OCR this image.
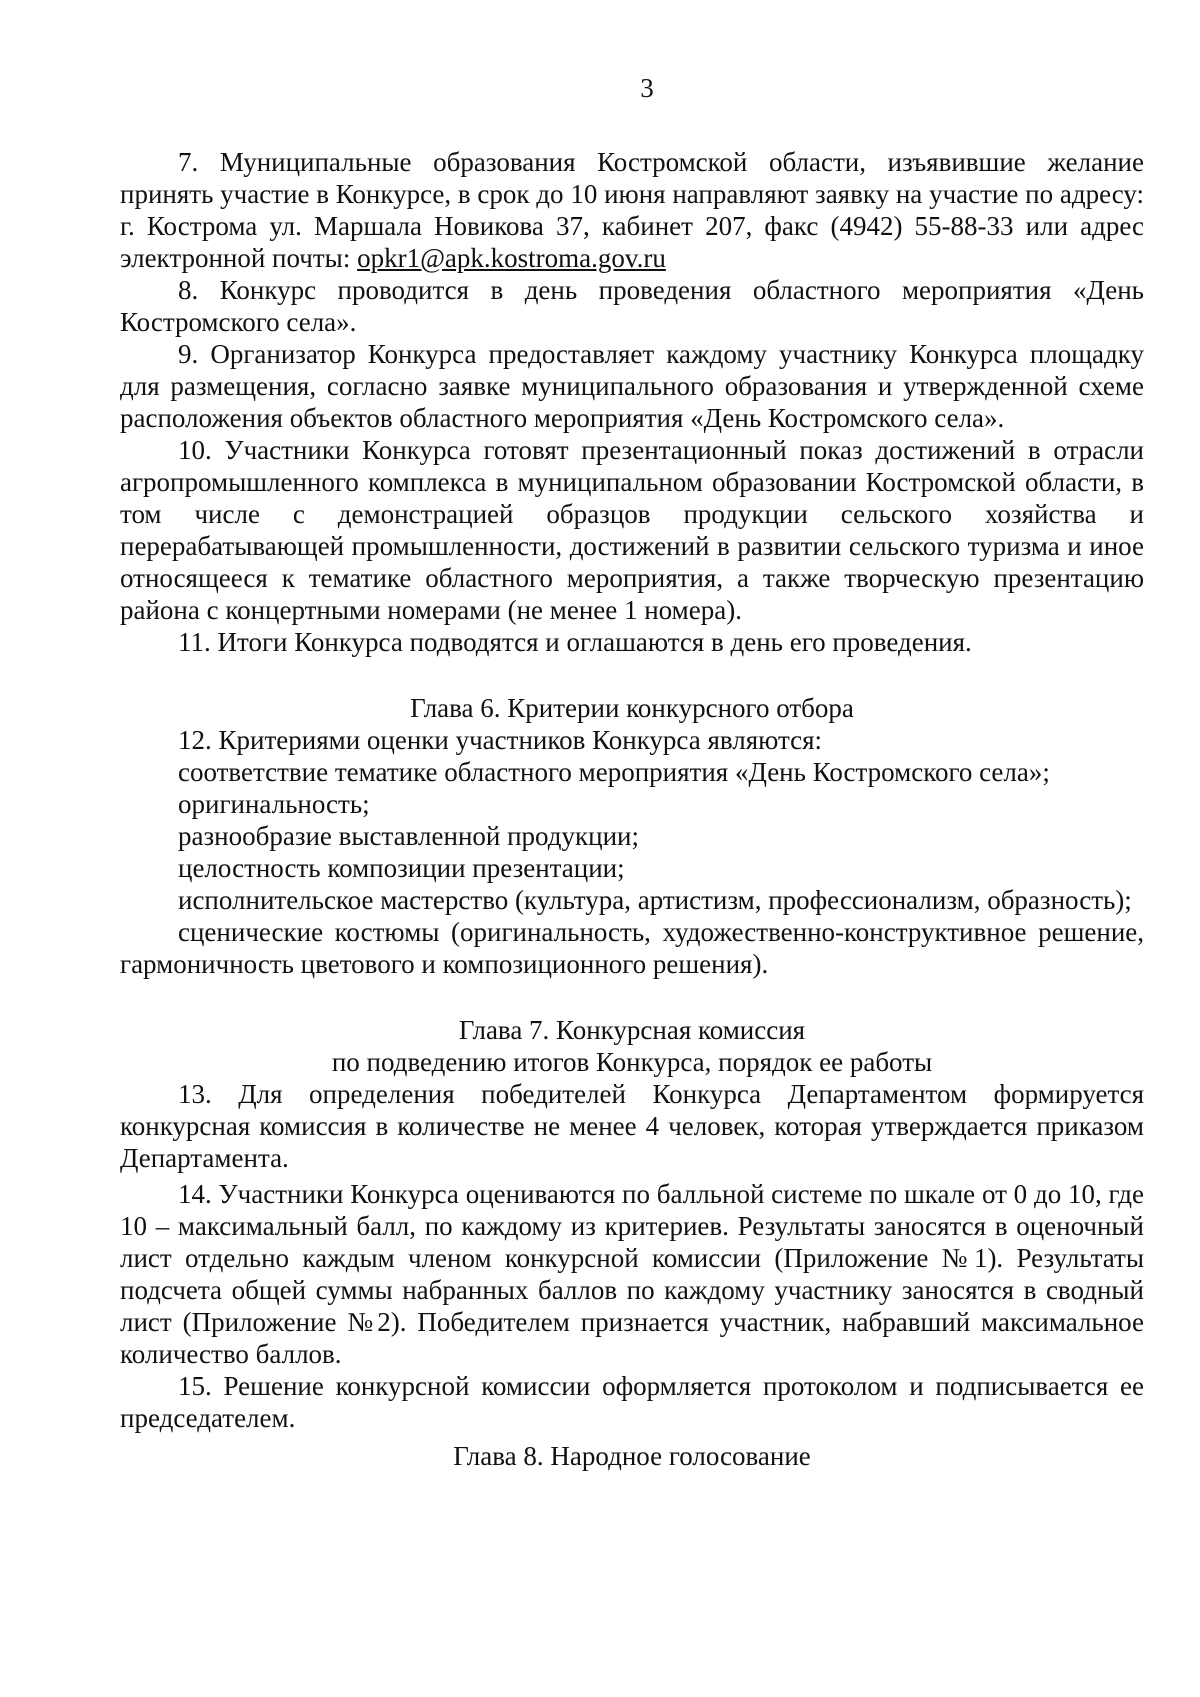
3

7. Муниципальные образования Костромской области, изъявившие желание принять участие в Конкурсе, в срок до 10 июня направляют заявку на участие по адресу: г. Кострома ул. Маршала Новикова 37, кабинет 207, факс (4942) 55-88-33 или адрес электронной почты: opkr1@apk.kostroma.gov.ru

8. Конкурс проводится в день проведения областного мероприятия «День Костромского села».

9. Организатор Конкурса предоставляет каждому участнику Конкурса площадку для размещения, согласно заявке муниципального образования и утвержденной схеме расположения объектов областного мероприятия «День Костромского села».

10. Участники Конкурса готовят презентационный показ достижений в отрасли агропромышленного комплекса в муниципальном образовании Костромской области, в том числе с демонстрацией образцов продукции сельского хозяйства и перерабатывающей промышленности, достижений в развитии сельского туризма и иное относящееся к тематике областного мероприятия, а также творческую презентацию района с концертными номерами (не менее 1 номера).

11. Итоги Конкурса подводятся и оглашаются в день его проведения.

Глава 6. Критерии конкурсного отбора

12. Критериями оценки участников Конкурса являются:

соответствие тематике областного мероприятия «День Костромского села»;

оригинальность;

разнообразие выставленной продукции;

целостность композиции презентации;

исполнительское мастерство (культура, артистизм, профессионализм, образность);

сценические костюмы (оригинальность, художественно-конструктивное решение, гармоничность цветового и композиционного решения).

Глава 7. Конкурсная комиссия

по подведению итогов Конкурса, порядок ее работы

13. Для определения победителей Конкурса Департаментом формируется конкурсная комиссия в количестве не менее 4 человек, которая утверждается приказом Департамента.

14. Участники Конкурса оцениваются по балльной системе по шкале от 0 до 10, где 10 – максимальный балл, по каждому из критериев. Результаты заносятся в оценочный лист отдельно каждым членом конкурсной комиссии (Приложение №1). Результаты подсчета общей суммы набранных баллов по каждому участнику заносятся в сводный лист (Приложение №2). Победителем признается участник, набравший максимальное количество баллов.

15. Решение конкурсной комиссии оформляется протоколом и подписывается ее председателем.

Глава 8. Народное голосование
